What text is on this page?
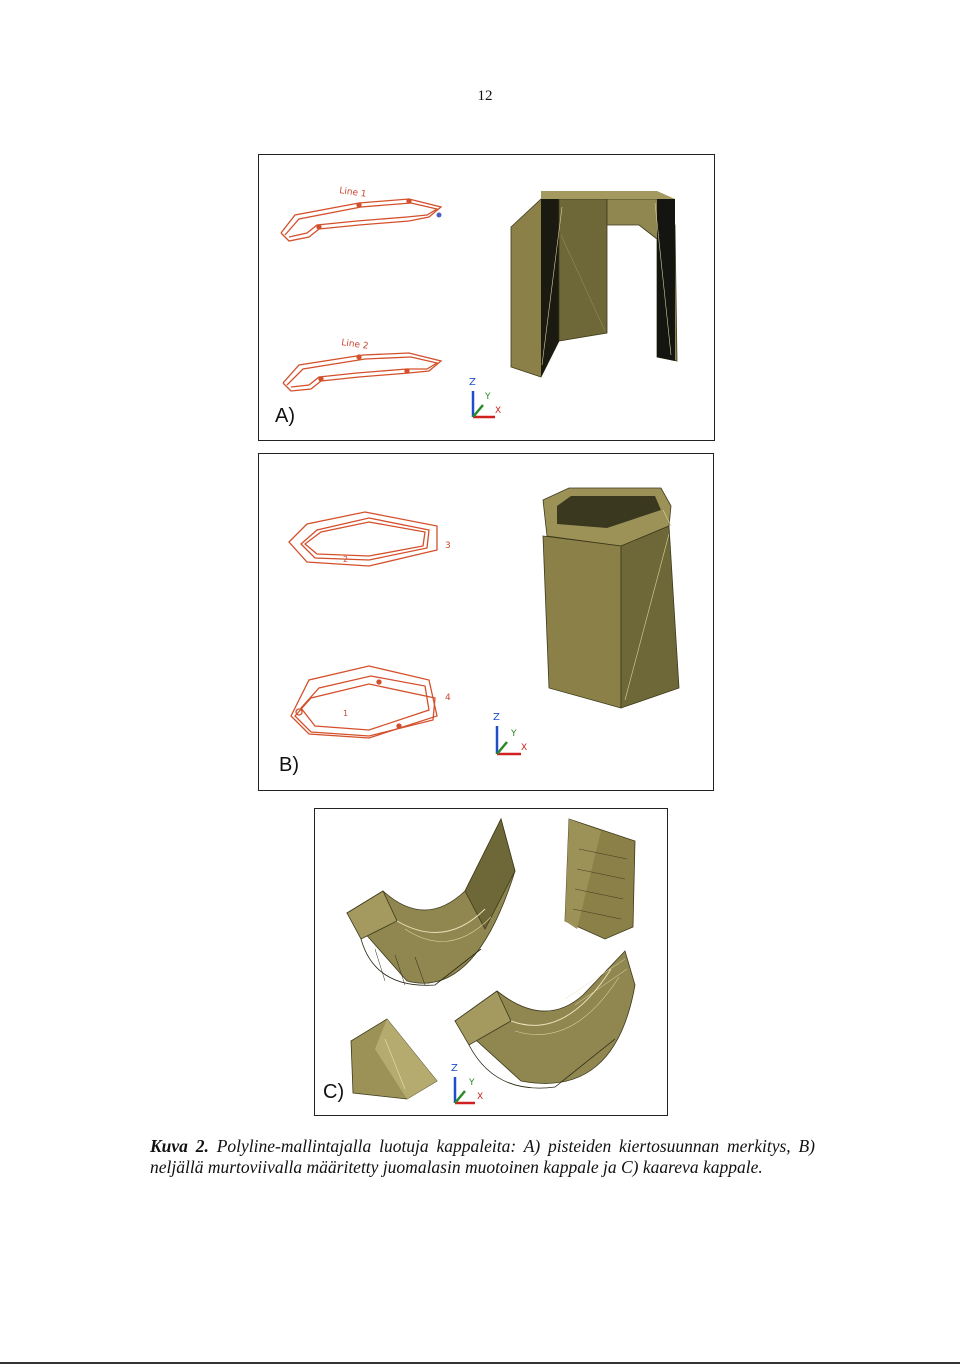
12
Line 1
Line 2
Z
Y
X
A)
3
2
4
1	Z
Y
X
B)
Z
Y
X
C)
Kuva 2. Polyline-mallintajalla luotuja kappaleita: A) pisteiden kiertosuunnan merkitys, B) neljällä murtoviivalla määritetty juomalasin muotoinen kappale ja C) kaareva kappale.
